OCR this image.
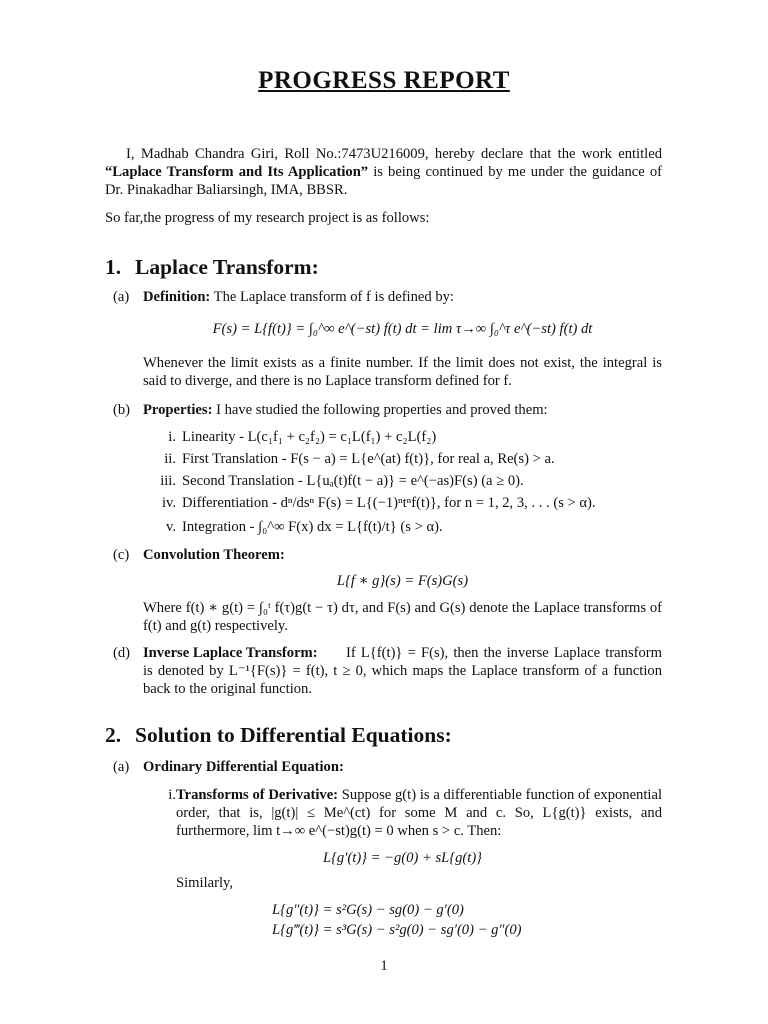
PROGRESS REPORT
I, Madhab Chandra Giri, Roll No.:7473U216009, hereby declare that the work entitled “Laplace Transform and Its Application” is being continued by me under the guidance of Dr. Pinakadhar Baliarsingh, IMA, BBSR.
So far,the progress of my research project is as follows:
1. Laplace Transform:
(a) Definition: The Laplace transform of f is defined by:
F(s) = L{f(t)} = ∫₀^∞ e^(−st) f(t) dt = lim τ→∞ ∫₀^τ e^(−st) f(t) dt
Whenever the limit exists as a finite number. If the limit does not exist, the integral is said to diverge, and there is no Laplace transform defined for f.
(b) Properties: I have studied the following properties and proved them:
i. Linearity - L(c₁f₁ + c₂f₂) = c₁L(f₁) + c₂L(f₂)
ii. First Translation - F(s − a) = L{e^(at) f(t)}, for real a, Re(s) > a.
iii. Second Translation - L{uₐ(t)f(t − a)} = e^(−as)F(s) (a ≥ 0).
iv. Differentiation - dⁿ/dsⁿ F(s) = L{(−1)ⁿtⁿf(t)}, for n = 1, 2, 3, . . . (s > α).
v. Integration - ∫₀^∞ F(x) dx = L{f(t)/t} (s > α).
(c) Convolution Theorem:
L{f ∗ g}(s) = F(s)G(s)
Where f(t) ∗ g(t) = ∫₀ᵗ f(τ)g(t − τ) dτ, and F(s) and G(s) denote the Laplace transforms of f(t) and g(t) respectively.
(d) Inverse Laplace Transform:	If L{f(t)} = F(s), then the inverse Laplace transform is denoted by L⁻¹{F(s)} = f(t), t ≥ 0, which maps the Laplace transform of a function back to the original function.
2. Solution to Differential Equations:
(a) Ordinary Differential Equation:
i. Transforms of Derivative: Suppose g(t) is a differentiable function of exponential order, that is, |g(t)| ≤ Me^(ct) for some M and c. So, L{g(t)} exists, and furthermore, lim t→∞ e^(−st)g(t) = 0 when s > c. Then:
L{g′(t)} = −g(0) + sL{g(t)}
Similarly,
L{g″(t)} = s²G(s) − sg(0) − g′(0)
L{g‴(t)} = s³G(s) − s²g(0) − sg′(0) − g″(0)
1
